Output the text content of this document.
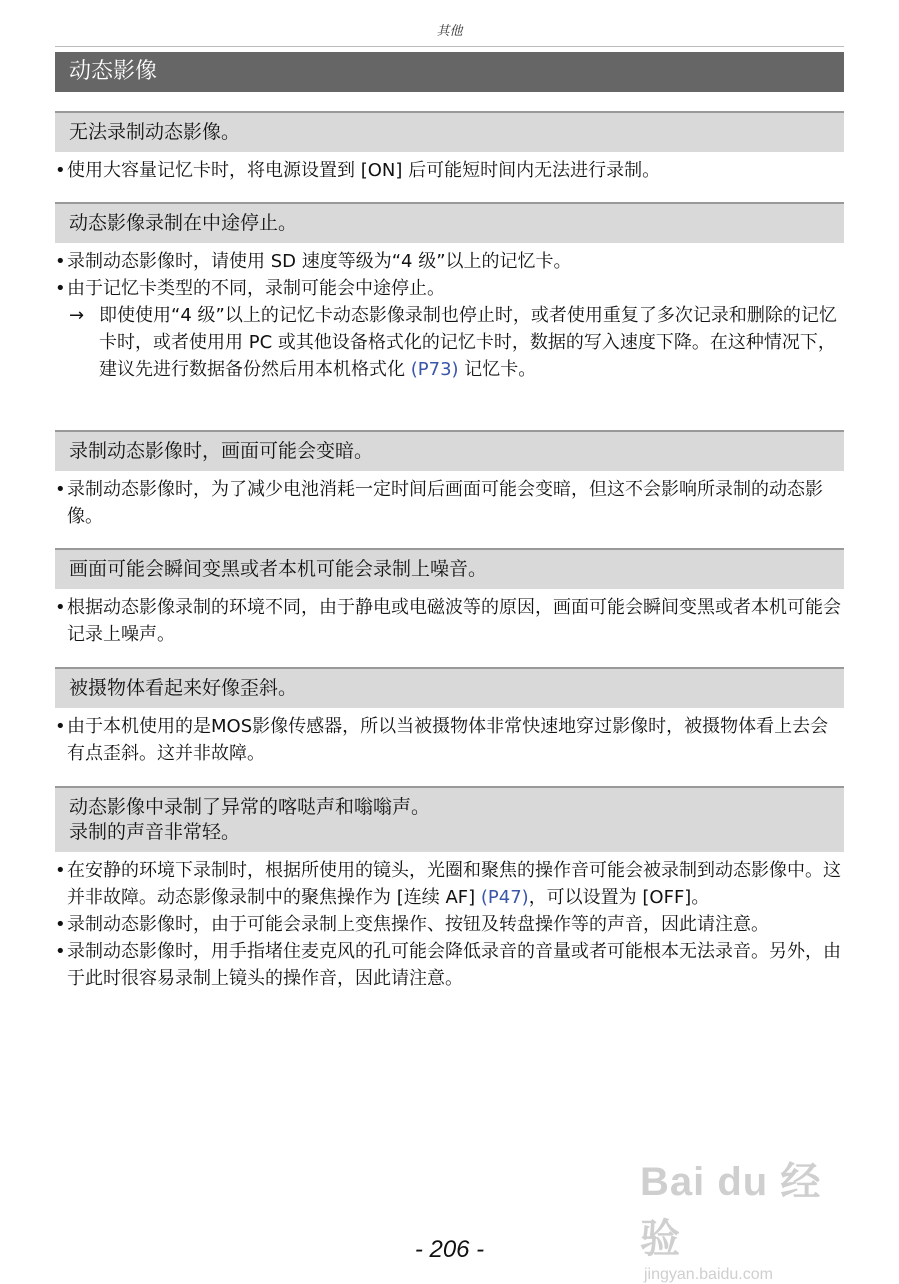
其他
动态影像
无法录制动态影像。
• 使用大容量记忆卡时，将电源设置到 [ON] 后可能短时间内无法进行录制。
动态影像录制在中途停止。
• 录制动态影像时，请使用 SD 速度等级为“4 级”以上的记忆卡。
• 由于记忆卡类型的不同，录制可能会中途停止。
→ 即使使用“4 级”以上的记忆卡动态影像录制也停止时，或者使用重复了多次记录和删除的记忆卡时，或者使用用 PC 或其他设备格式化的记忆卡时，数据的写入速度下降。在这种情况下，建议先进行数据备份然后用本机格式化 (P73) 记忆卡。
录制动态影像时，画面可能会变暗。
• 录制动态影像时，为了减少电池消耗一定时间后画面可能会变暗，但这不会影响所录制的动态影像。
画面可能会瞬间变黑或者本机可能会录制上噪音。
• 根据动态影像录制的环境不同，由于静电或电磁波等的原因，画面可能会瞬间变黑或者本机可能会记录上噪声。
被摄物体看起来好像歪斜。
• 由于本机使用的是MOS影像传感器，所以当被摄物体非常快速地穿过影像时，被摄物体看上去会有点歪斜。这并非故障。
动态影像中录制了异常的喀哒声和嗡嗡声。
录制的声音非常轻。
• 在安静的环境下录制时，根据所使用的镜头，光圈和聚焦的操作音可能会被录制到动态影像中。这并非故障。动态影像录制中的聚焦操作为 [连续 AF] (P47)，可以设置为 [OFF]。
• 录制动态影像时，由于可能会录制上变焦操作、按钮及转盘操作等的声音，因此请注意。
• 录制动态影像时，用手指堵住麦克风的孔可能会降低录音的音量或者可能根本无法录音。另外，由于此时很容易录制上镜头的操作音，因此请注意。
Bai du 经验
jingyan.baidu.com
- 206 -
